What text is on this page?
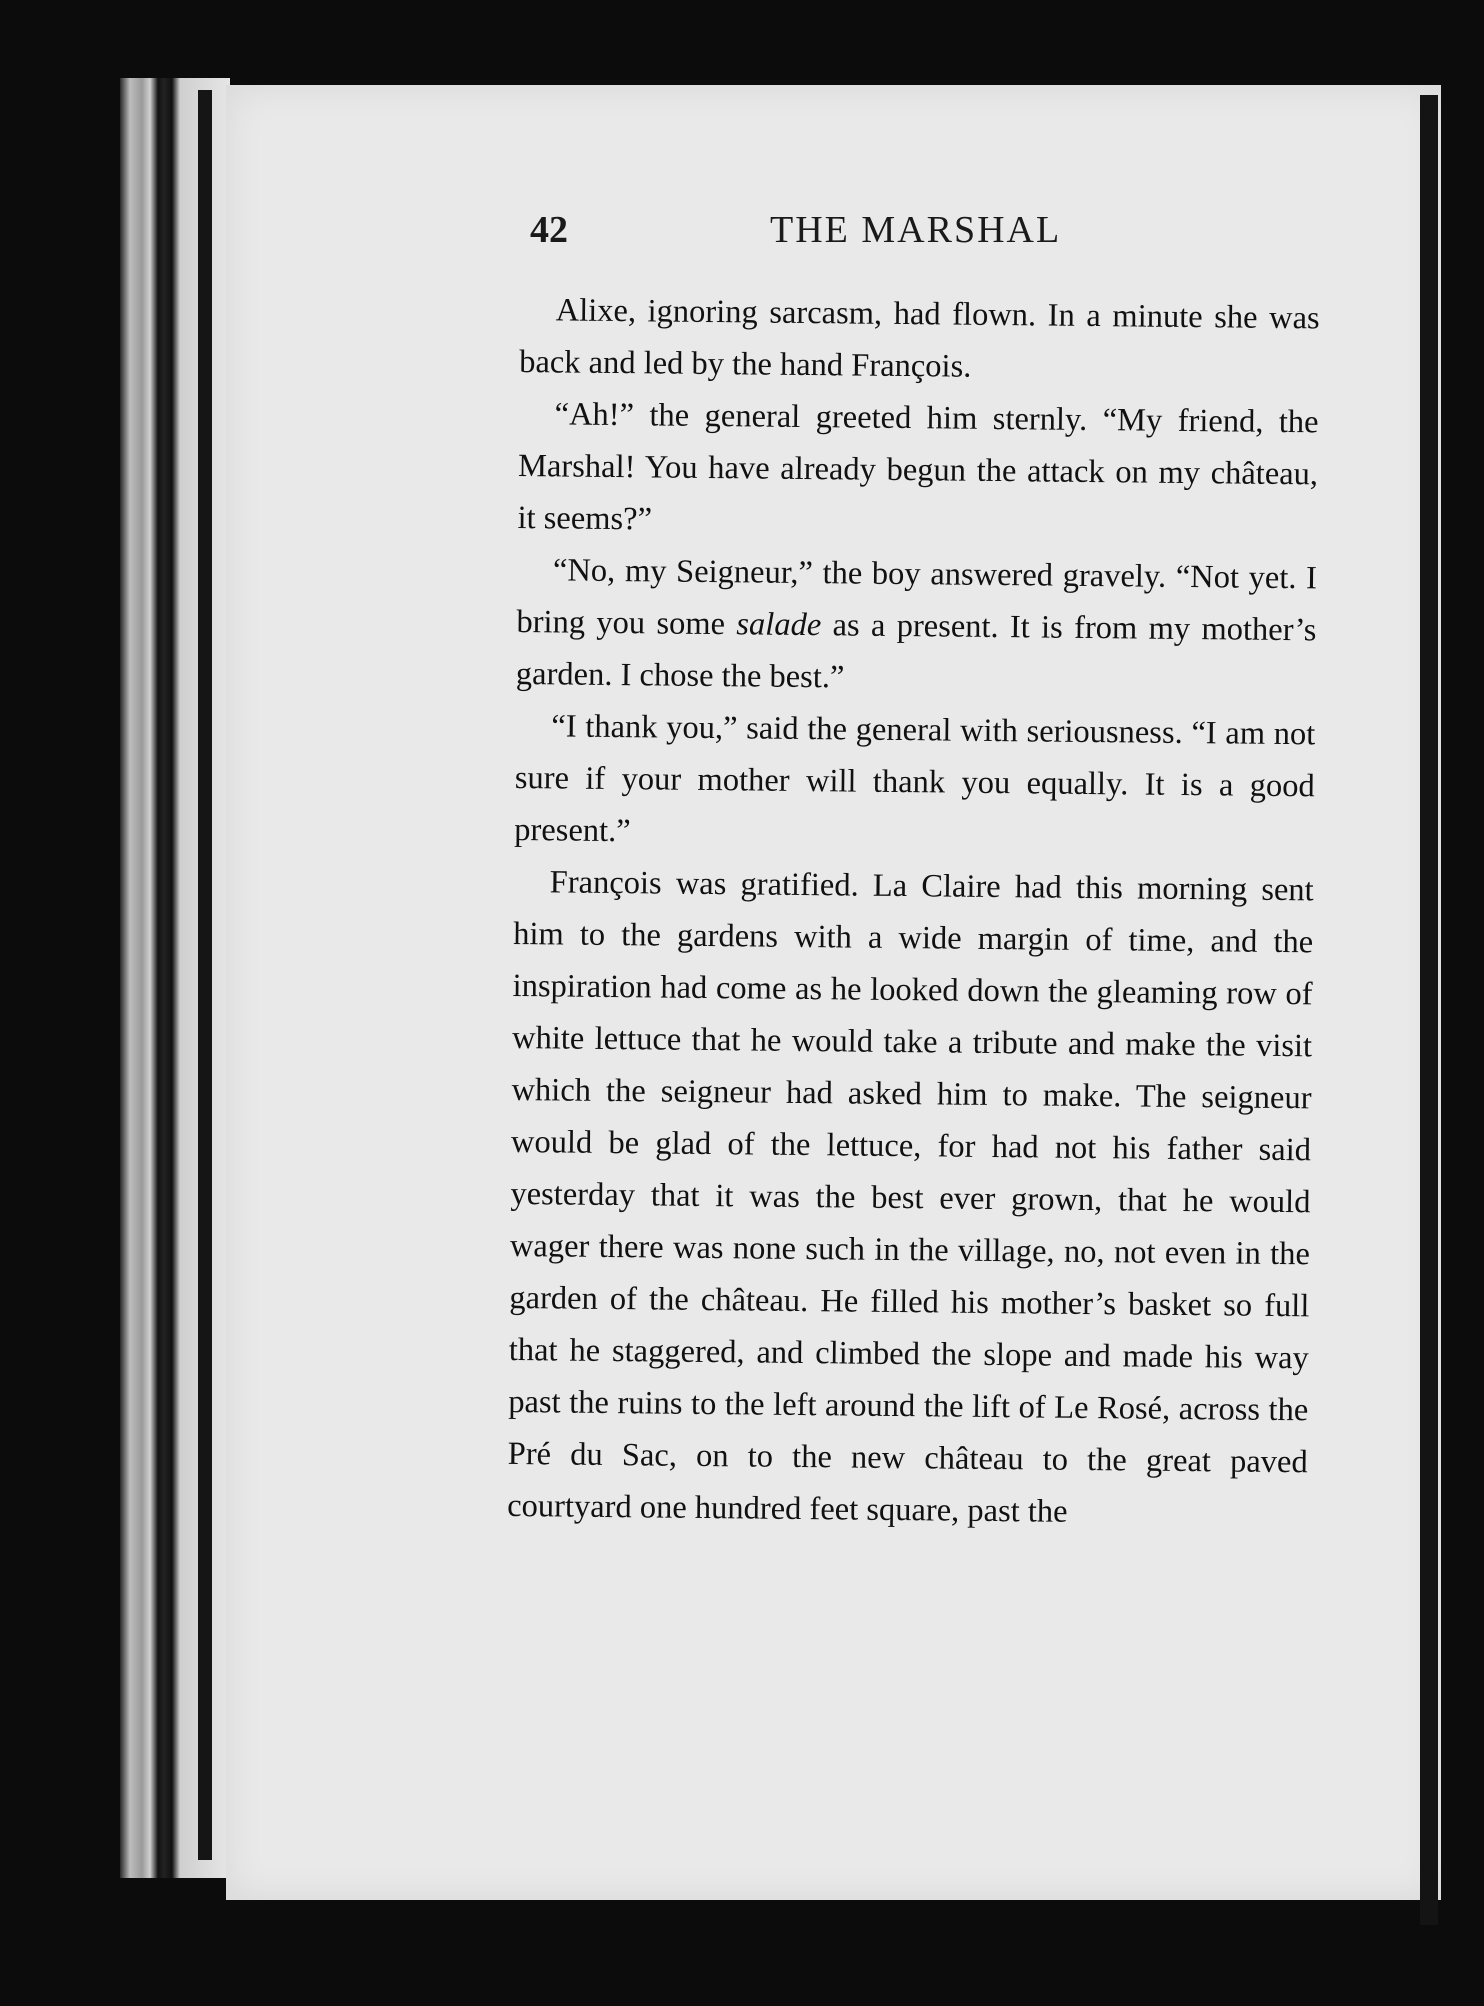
42	THE MARSHAL

Alixe, ignoring sarcasm, had flown. In a minute she was back and led by the hand François.

“Ah!” the general greeted him sternly. “My friend, the Marshal! You have already begun the attack on my château, it seems?”

“No, my Seigneur,” the boy answered gravely. “Not yet. I bring you some salade as a present. It is from my mother’s garden. I chose the best.”

“I thank you,” said the general with seriousness. “I am not sure if your mother will thank you equally. It is a good present.”

François was gratified. La Claire had this morning sent him to the gardens with a wide margin of time, and the inspiration had come as he looked down the gleaming row of white lettuce that he would take a tribute and make the visit which the seigneur had asked him to make. The seigneur would be glad of the lettuce, for had not his father said yesterday that it was the best ever grown, that he would wager there was none such in the village, no, not even in the garden of the château. He filled his mother’s basket so full that he staggered, and climbed the slope and made his way past the ruins to the left around the lift of Le Rosé, across the Pré du Sac, on to the new château to the great paved courtyard one hundred feet square, past the
